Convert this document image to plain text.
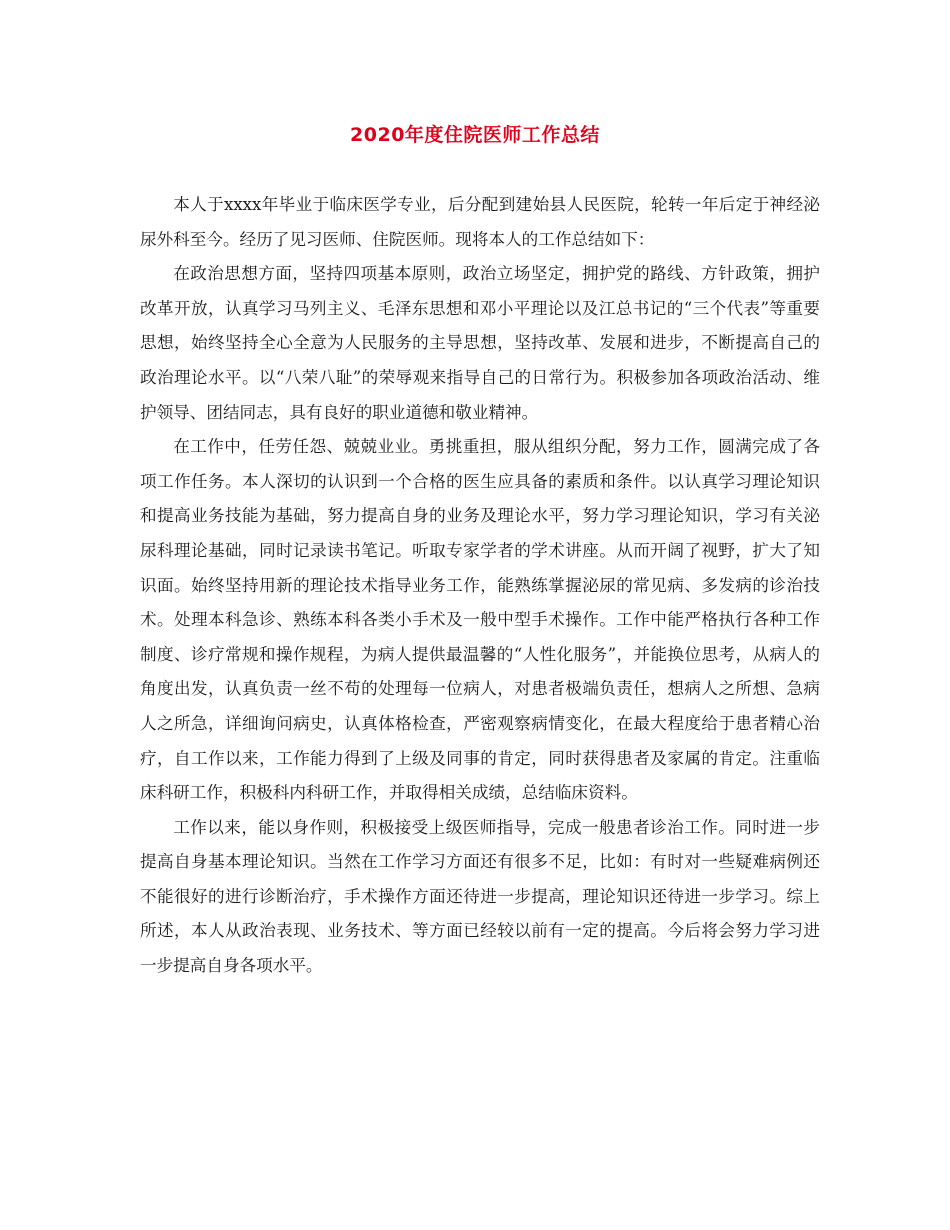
2020年度住院医师工作总结

本人于xxxx年毕业于临床医学专业，后分配到建始县人民医院，轮转一年后定于神经泌尿外科至今。经历了见习医师、住院医师。现将本人的工作总结如下：

在政治思想方面，坚持四项基本原则，政治立场坚定，拥护党的路线、方针政策，拥护改革开放，认真学习马列主义、毛泽东思想和邓小平理论以及江总书记的“三个代表”等重要思想，始终坚持全心全意为人民服务的主导思想，坚持改革、发展和进步，不断提高自己的政治理论水平。以“八荣八耻”的荣辱观来指导自己的日常行为。积极参加各项政治活动、维护领导、团结同志，具有良好的职业道德和敬业精神。

在工作中，任劳任怨、兢兢业业。勇挑重担，服从组织分配，努力工作，圆满完成了各项工作任务。本人深切的认识到一个合格的医生应具备的素质和条件。以认真学习理论知识和提高业务技能为基础，努力提高自身的业务及理论水平，努力学习理论知识，学习有关泌尿科理论基础，同时记录读书笔记。听取专家学者的学术讲座。从而开阔了视野，扩大了知识面。始终坚持用新的理论技术指导业务工作，能熟练掌握泌尿的常见病、多发病的诊治技术。处理本科急诊、熟练本科各类小手术及一般中型手术操作。工作中能严格执行各种工作制度、诊疗常规和操作规程，为病人提供最温馨的“人性化服务”，并能换位思考，从病人的角度出发，认真负责一丝不苟的处理每一位病人，对患者极端负责任，想病人之所想、急病人之所急，详细询问病史，认真体格检查，严密观察病情变化，在最大程度给于患者精心治疗，自工作以来，工作能力得到了上级及同事的肯定，同时获得患者及家属的肯定。注重临床科研工作，积极科内科研工作，并取得相关成绩，总结临床资料。

工作以来，能以身作则，积极接受上级医师指导，完成一般患者诊治工作。同时进一步提高自身基本理论知识。当然在工作学习方面还有很多不足，比如：有时对一些疑难病例还不能很好的进行诊断治疗，手术操作方面还待进一步提高，理论知识还待进一步学习。综上所述，本人从政治表现、业务技术、等方面已经较以前有一定的提高。今后将会努力学习进一步提高自身各项水平。
